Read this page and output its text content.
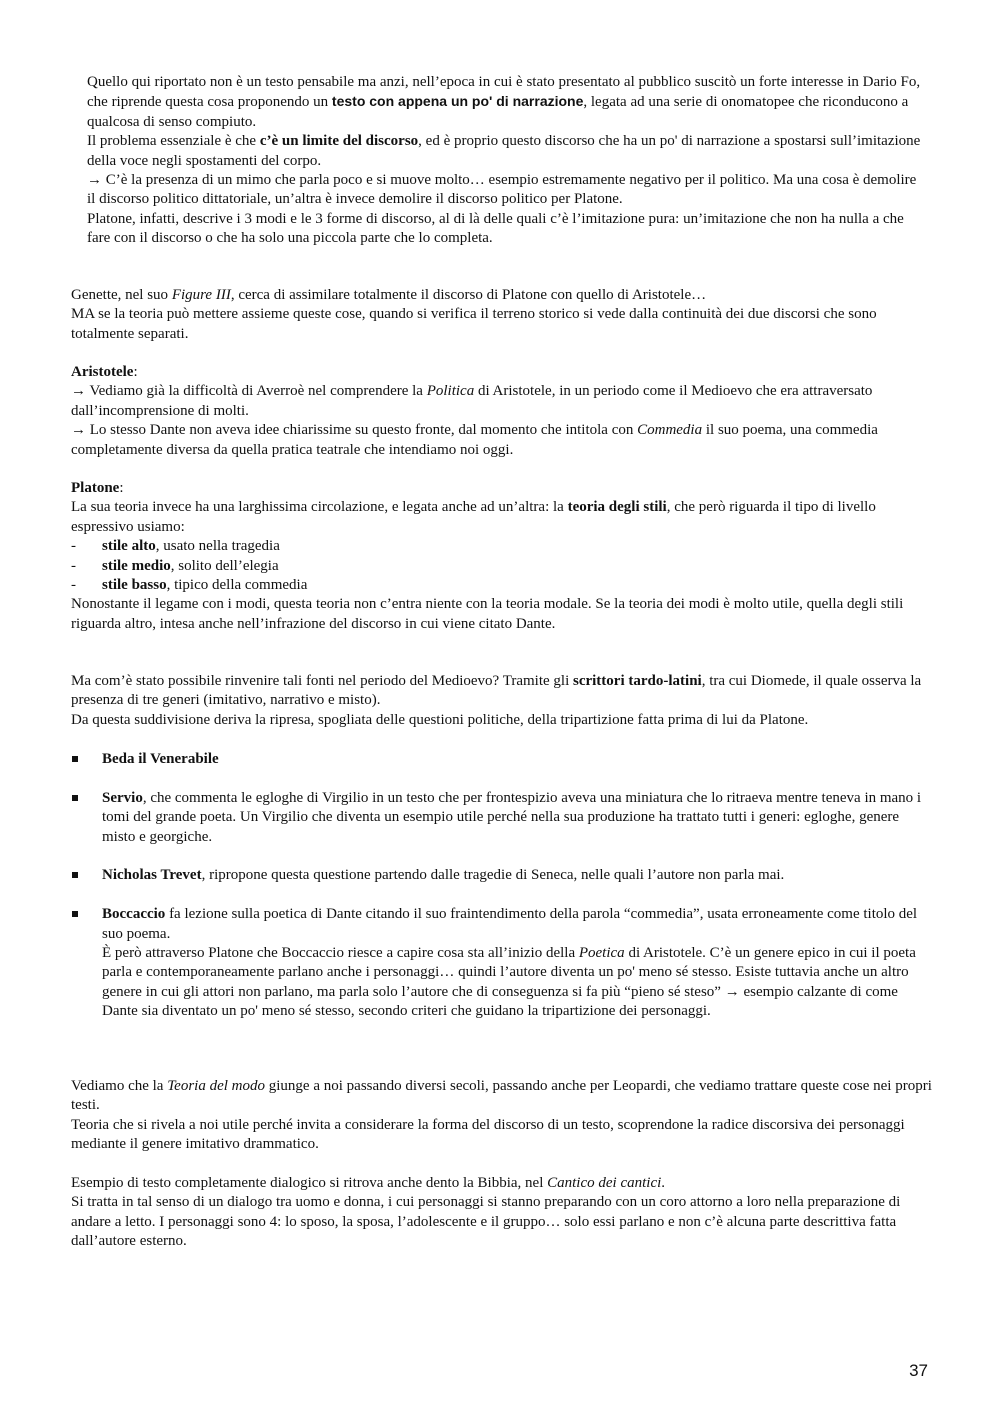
Quello qui riportato non è un testo pensabile ma anzi, nell’epoca in cui è stato presentato al pubblico suscitò un forte interesse in Dario Fo, che riprende questa cosa proponendo un testo con appena un po' di narrazione, legata ad una serie di onomatopee che riconducono a qualcosa di senso compiuto.

Il problema essenziale è che c’è un limite del discorso, ed è proprio questo discorso che ha un po' di narrazione a spostarsi sull’imitazione della voce negli spostamenti del corpo.

→ C’è la presenza di un mimo che parla poco e si muove molto… esempio estremamente negativo per il politico. Ma una cosa è demolire il discorso politico dittatoriale, un’altra è invece demolire il discorso politico per Platone.

Platone, infatti, descrive i 3 modi e le 3 forme di discorso, al di là delle quali c’è l’imitazione pura: un’imitazione che non ha nulla a che fare con il discorso o che ha solo una piccola parte che lo completa.

Genette, nel suo Figure III, cerca di assimilare totalmente il discorso di Platone con quello di Aristotele…

MA se la teoria può mettere assieme queste cose, quando si verifica il terreno storico si vede dalla continuità dei due discorsi che sono totalmente separati.

Aristotele:

→ Vediamo già la difficoltà di Averroè nel comprendere la Politica di Aristotele, in un periodo come il Medioevo che era attraversato dall’incomprensione di molti.

→ Lo stesso Dante non aveva idee chiarissime su questo fronte, dal momento che intitola con Commedia il suo poema, una commedia completamente diversa da quella pratica teatrale che intendiamo noi oggi.

Platone:

La sua teoria invece ha una larghissima circolazione, e legata anche ad un’altra: la teoria degli stili, che però riguarda il tipo di livello espressivo usiamo:

-	stile alto, usato nella tragedia
-	stile medio, solito dell’elegia
-	stile basso, tipico della commedia

Nonostante il legame con i modi, questa teoria non c’entra niente con la teoria modale. Se la teoria dei modi è molto utile, quella degli stili riguarda altro, intesa anche nell’infrazione del discorso in cui viene citato Dante.

Ma com’è stato possibile rinvenire tali fonti nel periodo del Medioevo? Tramite gli scrittori tardo-latini, tra cui Diomede, il quale osserva la presenza di tre generi (imitativo, narrativo e misto).

Da questa suddivisione deriva la ripresa, spogliata delle questioni politiche, della tripartizione fatta prima di lui da Platone.

Beda il Venerabile
Servio, che commenta le egloghe di Virgilio in un testo che per frontespizio aveva una miniatura che lo ritraeva mentre teneva in mano i tomi del grande poeta. Un Virgilio che diventa un esempio utile perché nella sua produzione ha trattato tutti i generi: egloghe, genere misto e georgiche.
Nicholas Trevet, ripropone questa questione partendo dalle tragedie di Seneca, nelle quali l’autore non parla mai.

Boccaccio fa lezione sulla poetica di Dante citando il suo fraintendimento della parola “commedia”, usata erroneamente come titolo del suo poema.

È però attraverso Platone che Boccaccio riesce a capire cosa sta all’inizio della Poetica di Aristotele. C’è un genere epico in cui il poeta parla e contemporaneamente parlano anche i personaggi… quindi l’autore diventa un po' meno sé stesso. Esiste tuttavia anche un altro genere in cui gli attori non parlano, ma parla solo l’autore che di conseguenza si fa più “pieno sé steso” → esempio calzante di come Dante sia diventato un po' meno sé stesso, secondo criteri che guidano la tripartizione dei personaggi.

Vediamo che la Teoria del modo giunge a noi passando diversi secoli, passando anche per Leopardi, che vediamo trattare queste cose nei propri testi.

Teoria che si rivela a noi utile perché invita a considerare la forma del discorso di un testo, scoprendone la radice discorsiva dei personaggi mediante il genere imitativo drammatico.

Esempio di testo completamente dialogico si ritrova anche dento la Bibbia, nel Cantico dei cantici.

Si tratta in tal senso di un dialogo tra uomo e donna, i cui personaggi si stanno preparando con un coro attorno a loro nella preparazione di andare a letto. I personaggi sono 4: lo sposo, la sposa, l’adolescente e il gruppo… solo essi parlano e non c’è alcuna parte descrittiva fatta dall’autore esterno.

37
